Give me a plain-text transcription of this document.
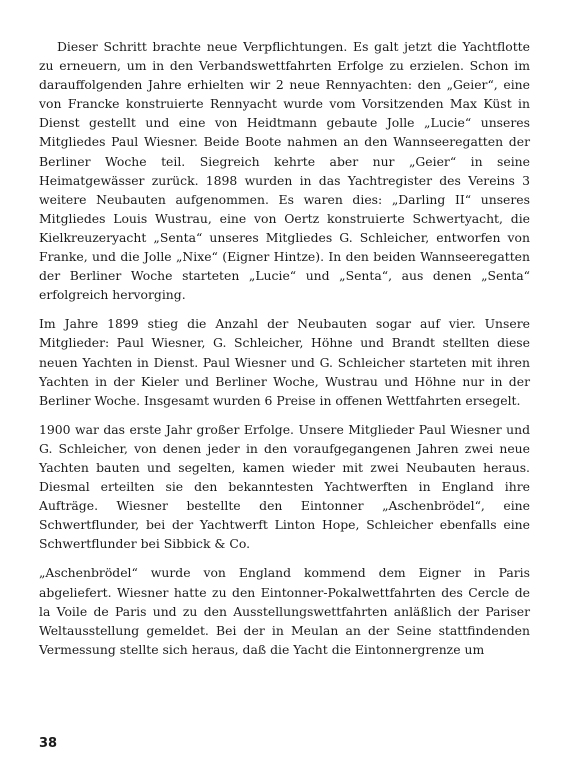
Dieser Schritt brachte neue Verpflichtungen. Es galt jetzt die Yachtflotte zu erneuern, um in den Verbandswettfahrten Erfolge zu erzielen. Schon im darauffolgenden Jahre erhielten wir 2 neue Rennyachten: den „Geier“, eine von Francke konstruierte Rennyacht wurde vom Vorsitzenden Max Küst in Dienst gestellt und eine von Heidtmann gebaute Jolle „Lucie“ unseres Mitgliedes Paul Wiesner. Beide Boote nahmen an den Wannseeregatten der Berliner Woche teil. Siegreich kehrte aber nur „Geier“ in seine Heimatgewässer zurück. 1898 wurden in das Yachtregister des Vereins 3 weitere Neubauten aufgenommen. Es waren dies: „Darling II“ unseres Mitgliedes Louis Wustrau, eine von Oertz konstruierte Schwertyacht, die Kielkreuzeryacht „Senta“ unseres Mitgliedes G. Schleicher, entworfen von Franke, und die Jolle „Nixe“ (Eigner Hintze). In den beiden Wannseeregatten der Berliner Woche starteten „Lucie“ und „Senta“, aus denen „Senta“ erfolgreich hervorging.

Im Jahre 1899 stieg die Anzahl der Neubauten sogar auf vier. Unsere Mitglieder: Paul Wiesner, G. Schleicher, Höhne und Brandt stellten diese neuen Yachten in Dienst. Paul Wiesner und G. Schleicher starteten mit ihren Yachten in der Kieler und Berliner Woche, Wustrau und Höhne nur in der Berliner Woche. Insgesamt wurden 6 Preise in offenen Wettfahrten ersegelt.

1900 war das erste Jahr großer Erfolge. Unsere Mitglieder Paul Wiesner und G. Schleicher, von denen jeder in den voraufgegangenen Jahren zwei neue Yachten bauten und segelten, kamen wieder mit zwei Neubauten heraus. Diesmal erteilten sie den bekanntesten Yachtwerften in England ihre Aufträge. Wiesner bestellte den Eintonner „Aschenbrödel“, eine Schwertflunder, bei der Yachtwerft Linton Hope, Schleicher ebenfalls eine Schwertflunder bei Sibbick & Co.

„Aschenbrödel“ wurde von England kommend dem Eigner in Paris abgeliefert. Wiesner hatte zu den Eintonner-Pokalwettfahrten des Cercle de la Voile de Paris und zu den Ausstellungswettfahrten anläßlich der Pariser Weltausstellung gemeldet. Bei der in Meulan an der Seine stattfindenden Vermessung stellte sich heraus, daß die Yacht die Eintonnergrenze um

38
